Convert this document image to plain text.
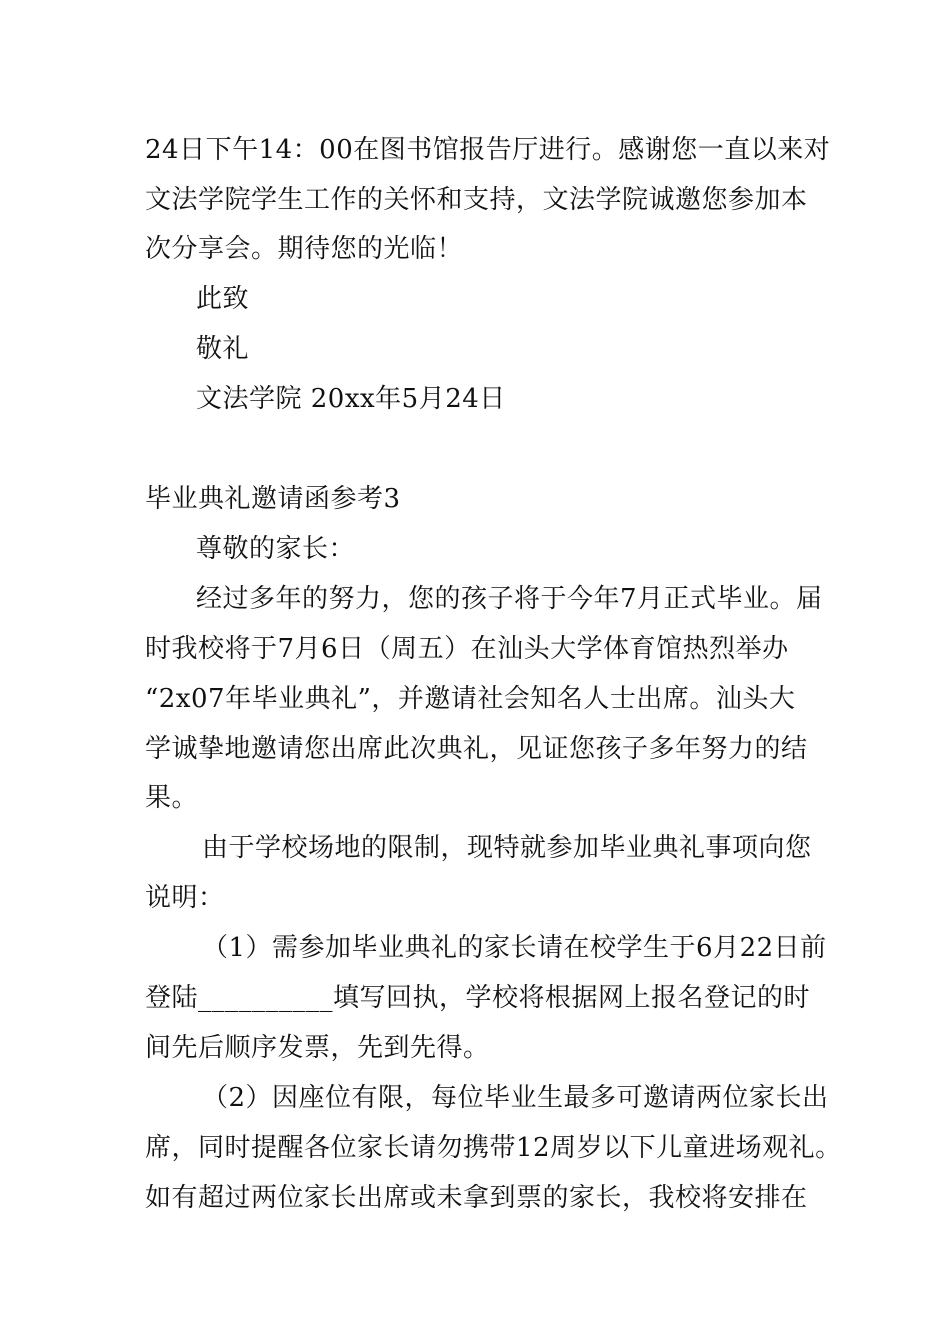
24日下午14：00在图书馆报告厅进行。感谢您一直以来对
文法学院学生工作的关怀和支持，文法学院诚邀您参加本
次分享会。期待您的光临！
此致
敬礼
文法学院 20xx年5月24日
毕业典礼邀请函参考3
尊敬的家长：
经过多年的努力，您的孩子将于今年7月正式毕业。届
时我校将于7月6日（周五）在汕头大学体育馆热烈举办
“2x07年毕业典礼”，并邀请社会知名人士出席。汕头大
学诚挚地邀请您出席此次典礼，见证您孩子多年努力的结
果。
由于学校场地的限制，现特就参加毕业典礼事项向您
说明：
（1）需参加毕业典礼的家长请在校学生于6月22日前
登陆__________填写回执，学校将根据网上报名登记的时
间先后顺序发票，先到先得。
（2）因座位有限，每位毕业生最多可邀请两位家长出
席，同时提醒各位家长请勿携带12周岁以下儿童进场观礼。
如有超过两位家长出席或未拿到票的家长，我校将安排在
